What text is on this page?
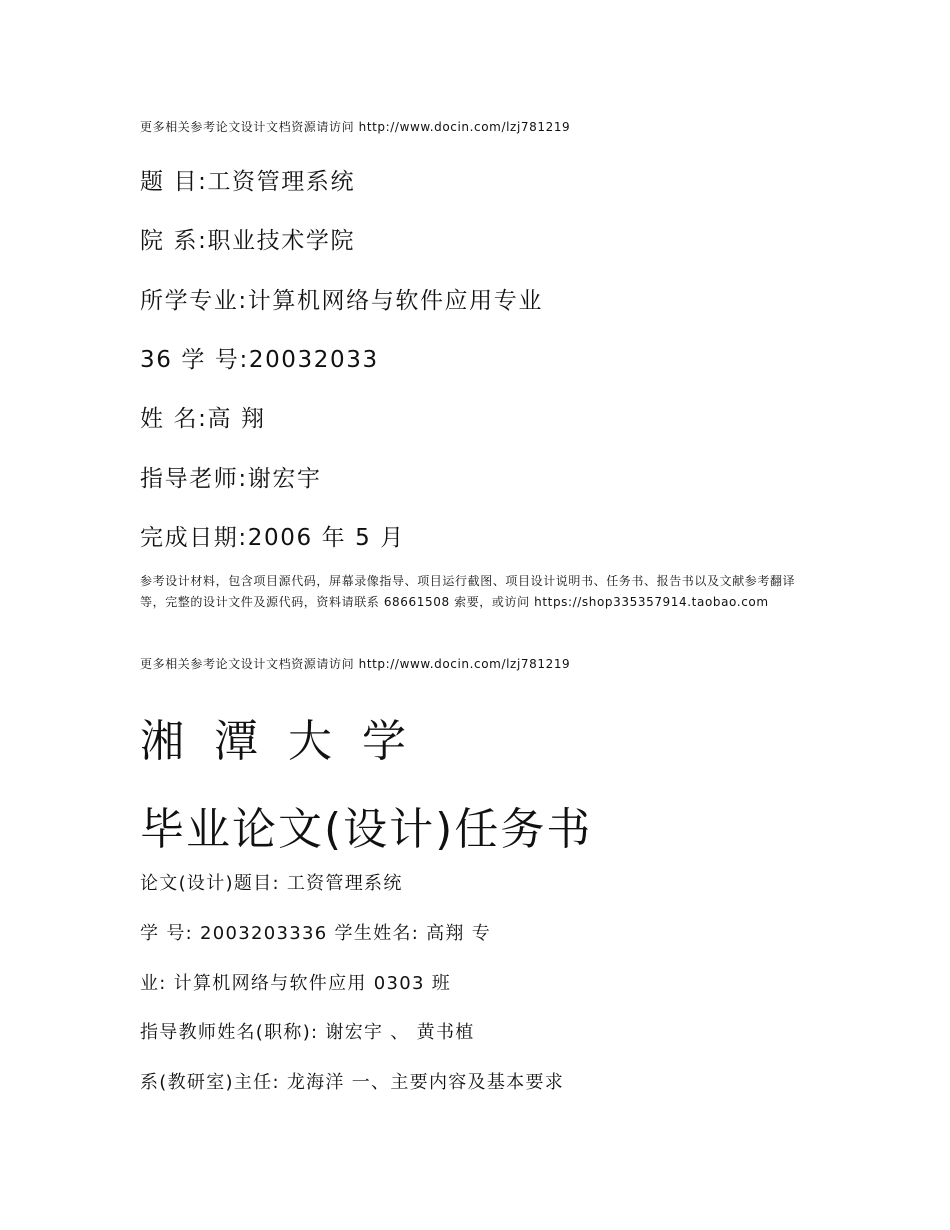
更多相关参考论文设计文档资源请访问 http://www.docin.com/lzj781219

题 目:工资管理系统

院 系:职业技术学院

所学专业:计算机网络与软件应用专业

36 学 号:20032033

姓 名:高 翔

指导老师:谢宏宇

完成日期:2006 年 5 月

参考设计材料，包含项目源代码，屏幕录像指导、项目运行截图、项目设计说明书、任务书、报告书以及文献参考翻译等，完整的设计文件及源代码，资料请联系 68661508 索要，或访问 https://shop335357914.taobao.com

更多相关参考论文设计文档资源请访问 http://www.docin.com/lzj781219

湘 潭 大 学

毕业论文(设计)任务书

论文(设计)题目: 工资管理系统

学 号: 2003203336 学生姓名: 高翔 专

业: 计算机网络与软件应用 0303 班

指导教师姓名(职称): 谢宏宇 、 黄书植

系(教研室)主任: 龙海洋 一、主要内容及基本要求
